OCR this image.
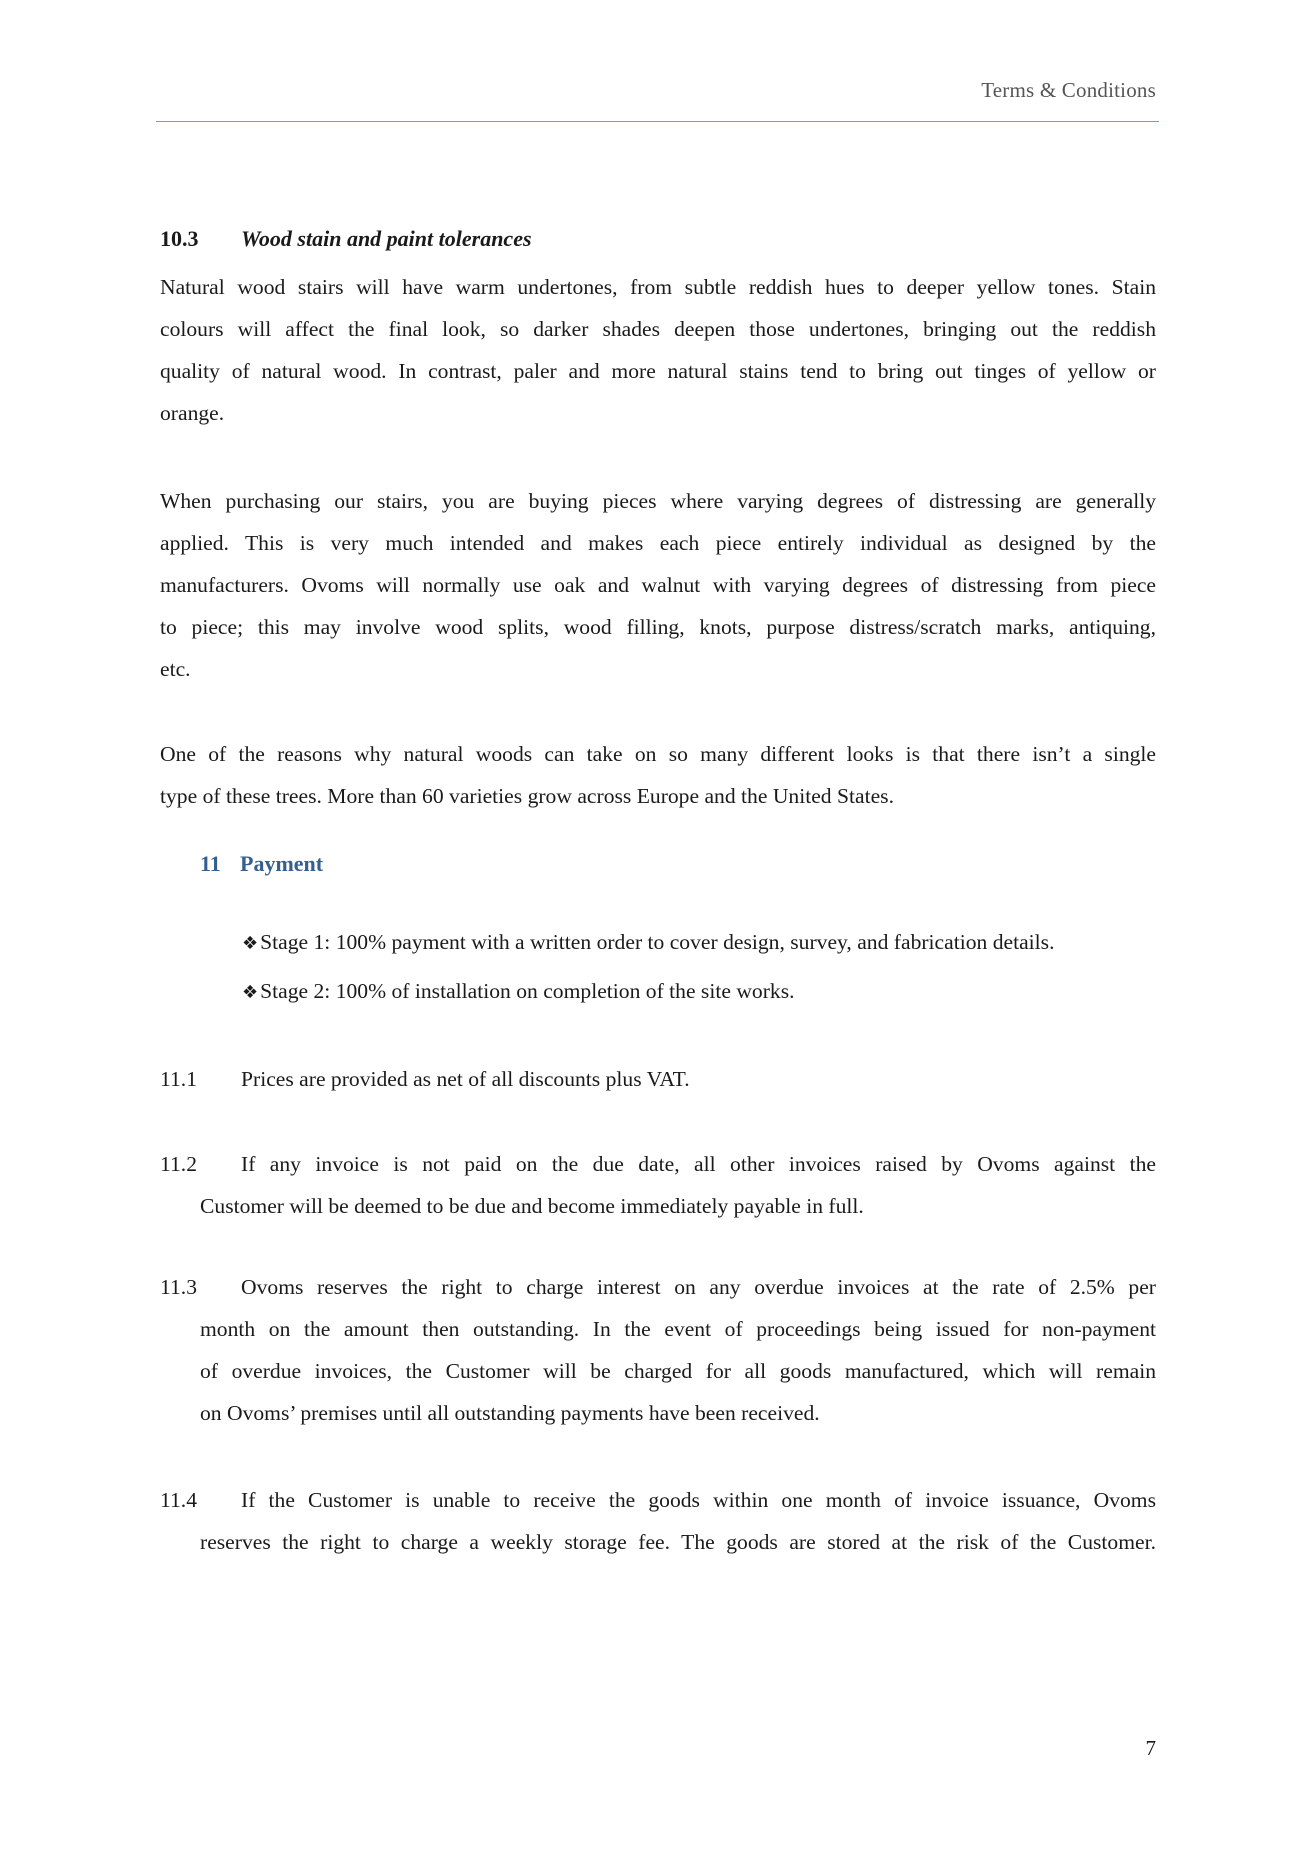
Terms & Conditions
10.3 Wood stain and paint tolerances
Natural wood stairs will have warm undertones, from subtle reddish hues to deeper yellow tones. Stain
colours will affect the final look, so darker shades deepen those undertones, bringing out the reddish
quality of natural wood. In contrast, paler and more natural stains tend to bring out tinges of yellow or
orange.
When purchasing our stairs, you are buying pieces where varying degrees of distressing are generally
applied. This is very much intended and makes each piece entirely individual as designed by the
manufacturers. Ovoms will normally use oak and walnut with varying degrees of distressing from piece
to piece; this may involve wood splits, wood filling, knots, purpose distress/scratch marks, antiquing,
etc.
One of the reasons why natural woods can take on so many different looks is that there isn’t a single
type of these trees. More than 60 varieties grow across Europe and the United States.
11 Payment
❖Stage 1: 100% payment with a written order to cover design, survey, and fabrication details.
❖Stage 2: 100% of installation on completion of the site works.
11.1 Prices are provided as net of all discounts plus VAT.
11.2 If any invoice is not paid on the due date, all other invoices raised by Ovoms against the
Customer will be deemed to be due and become immediately payable in full.
11.3 Ovoms reserves the right to charge interest on any overdue invoices at the rate of 2.5% per
month on the amount then outstanding. In the event of proceedings being issued for non-payment
of overdue invoices, the Customer will be charged for all goods manufactured, which will remain
on Ovoms’ premises until all outstanding payments have been received.
11.4 If the Customer is unable to receive the goods within one month of invoice issuance, Ovoms
reserves the right to charge a weekly storage fee. The goods are stored at the risk of the Customer.
7
